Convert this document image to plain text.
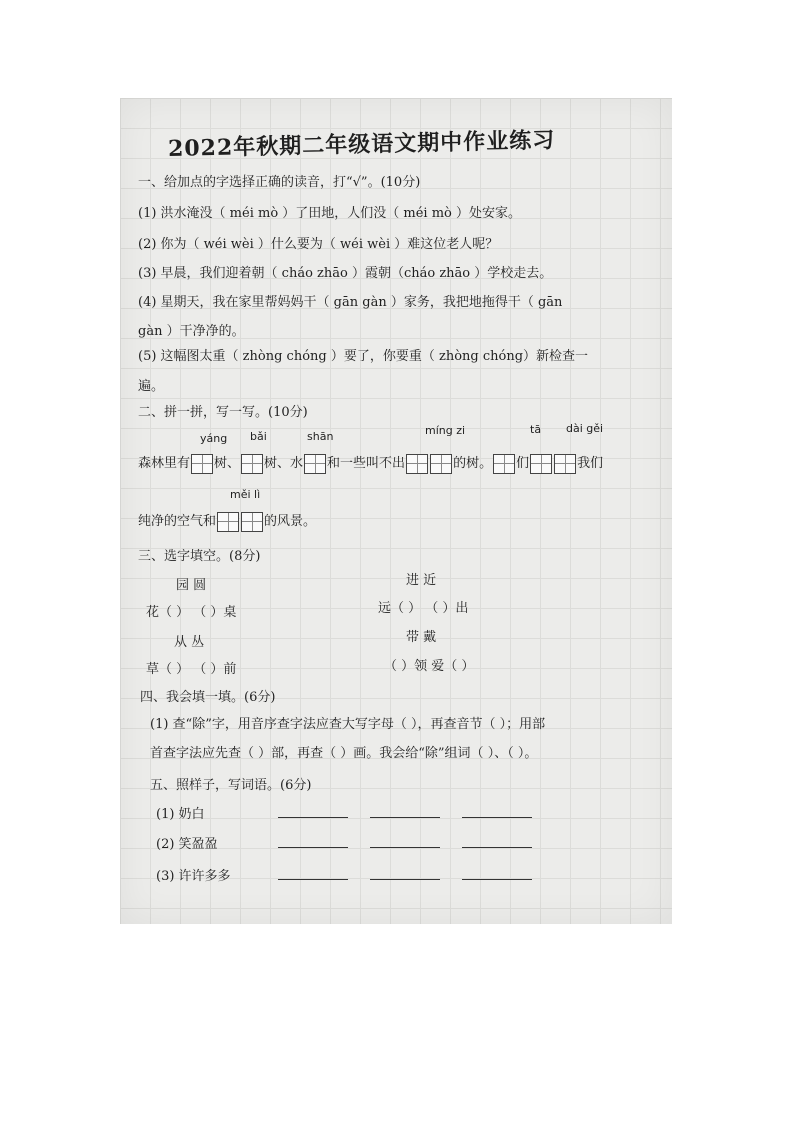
2022年秋期二年级语文期中作业练习
一、给加点的字选择正确的读音，打“√”。(10分)
(1) 洪水淹没（ méi mò ）了田地，人们没（ méi mò ）处安家。
(2) 你为（ wéi wèi ）什么要为（ wéi wèi ）难这位老人呢？
(3) 早晨，我们迎着朝（ cháo zhāo ）霞朝（cháo zhāo ）学校走去。
(4) 星期天，我在家里帮妈妈干（ gān gàn ）家务，我把地拖得干（ gān
gàn ）干净净的。
(5) 这幅图太重（ zhòng chóng ）要了，你要重（ zhòng chóng）新检查一
遍。
二、拼一拼，写一写。(10分)
yáng bǎi	shān	míng zi	tā dài gěi
森林里有 树、 树、水 和一些叫不出	的树。 们	我们
měi lì
纯净的空气和	的风景。
三、选字填空。(8分)
园 圆	进 近
花（ ） （ ）桌	远（ ） （ ）出
从 丛	带 戴
草（ ） （ ）前	（ ）领 爱（ ）
四、我会填一填。(6分)
(1) 查“除”字，用音序查字法应查大写字母（ ），再查音节（ ）；用部
首查字法应先查（ ）部，再查（ ）画。我会给“除”组词（ ）、（ ）。
五、照样子，写词语。(6分)
(1) 奶白
(2) 笑盈盈
(3) 许许多多
